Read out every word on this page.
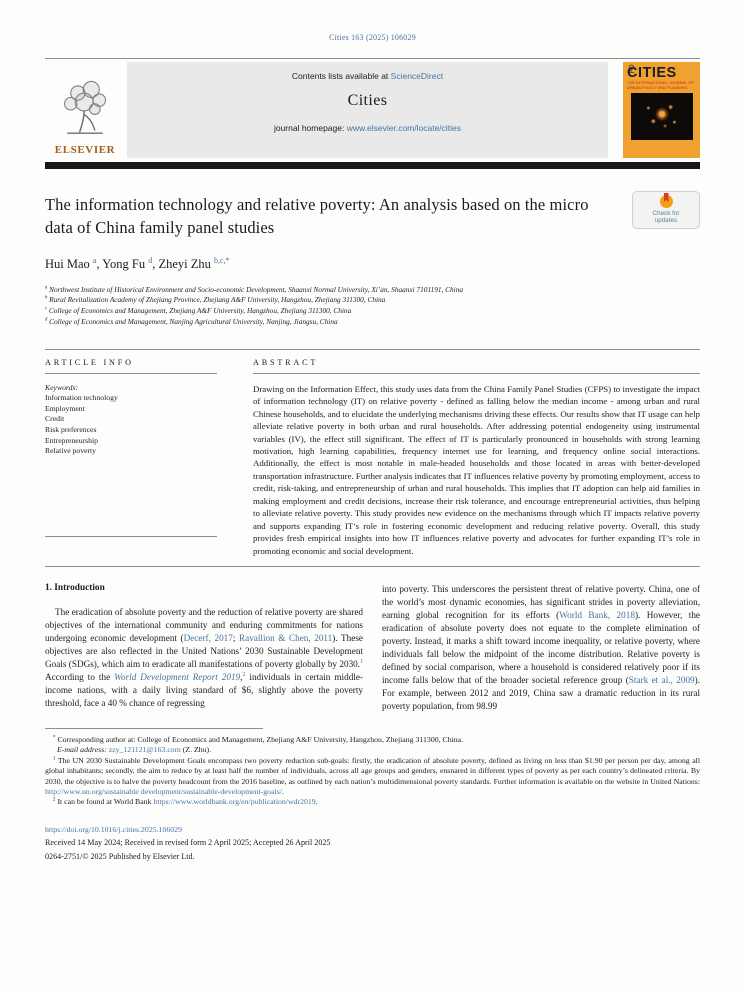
Cities 163 (2025) 106029
ELSEVIER
Contents lists available at ScienceDirect
Cities
journal homepage: www.elsevier.com/locate/cities
CITIES
THE INTERNATIONAL JOURNAL OF URBAN POLICY AND PLANNING
The information technology and relative poverty: An analysis based on the micro data of China family panel studies
Check for
updates
Hui Mao $^a$, Yong Fu $^d$, Zheyi Zhu $^{b,c,*}$
$^a$ Northwest Institute of Historical Environment and Socio-economic Development, Shaanxi Normal University, Xi’an, Shaanxi 7101191, China
$^b$ Rural Revitalization Academy of Zhejiang Province, Zhejiang A&F University, Hangzhou, Zhejiang 311300, China
$^c$ College of Economics and Management, Zhejiang A&F University, Hangzhou, Zhejiang 311300, China
$^d$ College of Economics and Management, Nanjing Agricultural University, Nanjing, Jiangsu, China
ARTICLE INFO
Keywords:
Information technology
Employment
Credit
Risk preferences
Entrepreneurship
Relative poverty
ABSTRACT

Drawing on the Information Effect, this study uses data from the China Family Panel Studies (CFPS) to investigate the impact of information technology (IT) on relative poverty - defined as falling below the median income - among urban and rural Chinese households, and to elucidate the underlying mechanisms driving these effects. Our results show that IT usage can help alleviate relative poverty in both urban and rural households. After addressing potential endogeneity using instrumental variables (IV), the effect still significant. The effect of IT is particularly pronounced in households with strong learning motivation, high learning capabilities, frequency internet use for learning, and frequency online social interactions. Additionally, the effect is most notable in male-headed households and those located in areas with better-developed transportation infrastructure. Further analysis indicates that IT influences relative poverty by promoting employment, access to credit, risk-taking, and entrepreneurship of urban and rural households. This implies that IT adoption can help aid families in making employment and credit decisions, increase their risk tolerance, and encourage entrepreneurial activities, thus helping to alleviate relative poverty. This study provides new evidence on the mechanisms through which IT impacts relative poverty and supports expanding IT’s role in fostering economic development and reducing relative poverty. Overall, this study provides fresh empirical insights into how IT influences relative poverty and advocates for further expanding IT’s role in promoting economic and social development.

1. Introduction

The eradication of absolute poverty and the reduction of relative poverty are shared objectives of the international community and enduring commitments for nations undergoing economic development (Decerf, 2017; Ravallion & Chen, 2011). These objectives are also reflected in the United Nations’ 2030 Sustainable Development Goals (SDGs), which aim to eradicate all manifestations of poverty globally by 2030.$^1$ According to the World Development Report 2019,$^2$ individuals in certain middle-income nations, with a daily living standard of $6, slightly above the poverty threshold, face a 40 % chance of regressing

into poverty. This underscores the persistent threat of relative poverty. China, one of the world’s most dynamic economies, has significant strides in poverty alleviation, earning global recognition for its efforts (World Bank, 2018). However, the eradication of absolute poverty does not equate to the complete elimination of poverty. Instead, it marks a shift toward income inequality, or relative poverty, where individuals fall below the midpoint of the income distribution. Relative poverty is defined by social comparison, where a household is considered relatively poor if its income falls below that of the broader societal reference group (Stark et al., 2009). For example, between 2012 and 2019, China saw a dramatic reduction in its rural poverty population, from 98.99

* Corresponding author at: College of Economics and Management, Zhejiang A&F University, Hangzhou, Zhejiang 311300, China.

E-mail address: zzy_121121@163.com (Z. Zhu).

$^1$ The UN 2030 Sustainable Development Goals encompass two poverty reduction sub-goals: firstly, the eradication of absolute poverty, defined as living on less than $1.90 per person per day, among all global inhabitants; secondly, the aim to reduce by at least half the number of individuals, across all age groups and genders, ensnared in different types of poverty as per each country’s delineated criteria. By 2030, the objective is to halve the poverty headcount from the 2016 baseline, as outlined by each nation’s multidimensional poverty standards. Further information is available on the website in United Nations: http://www.un.org/sustainable development/sustainable-development-goals/.

$^2$ It can be found at World Bank https://www.worldbank.org/en/publication/wdr2019.

https://doi.org/10.1016/j.cities.2025.106029
Received 14 May 2024; Received in revised form 2 April 2025; Accepted 26 April 2025
0264-2751/© 2025 Published by Elsevier Ltd.
